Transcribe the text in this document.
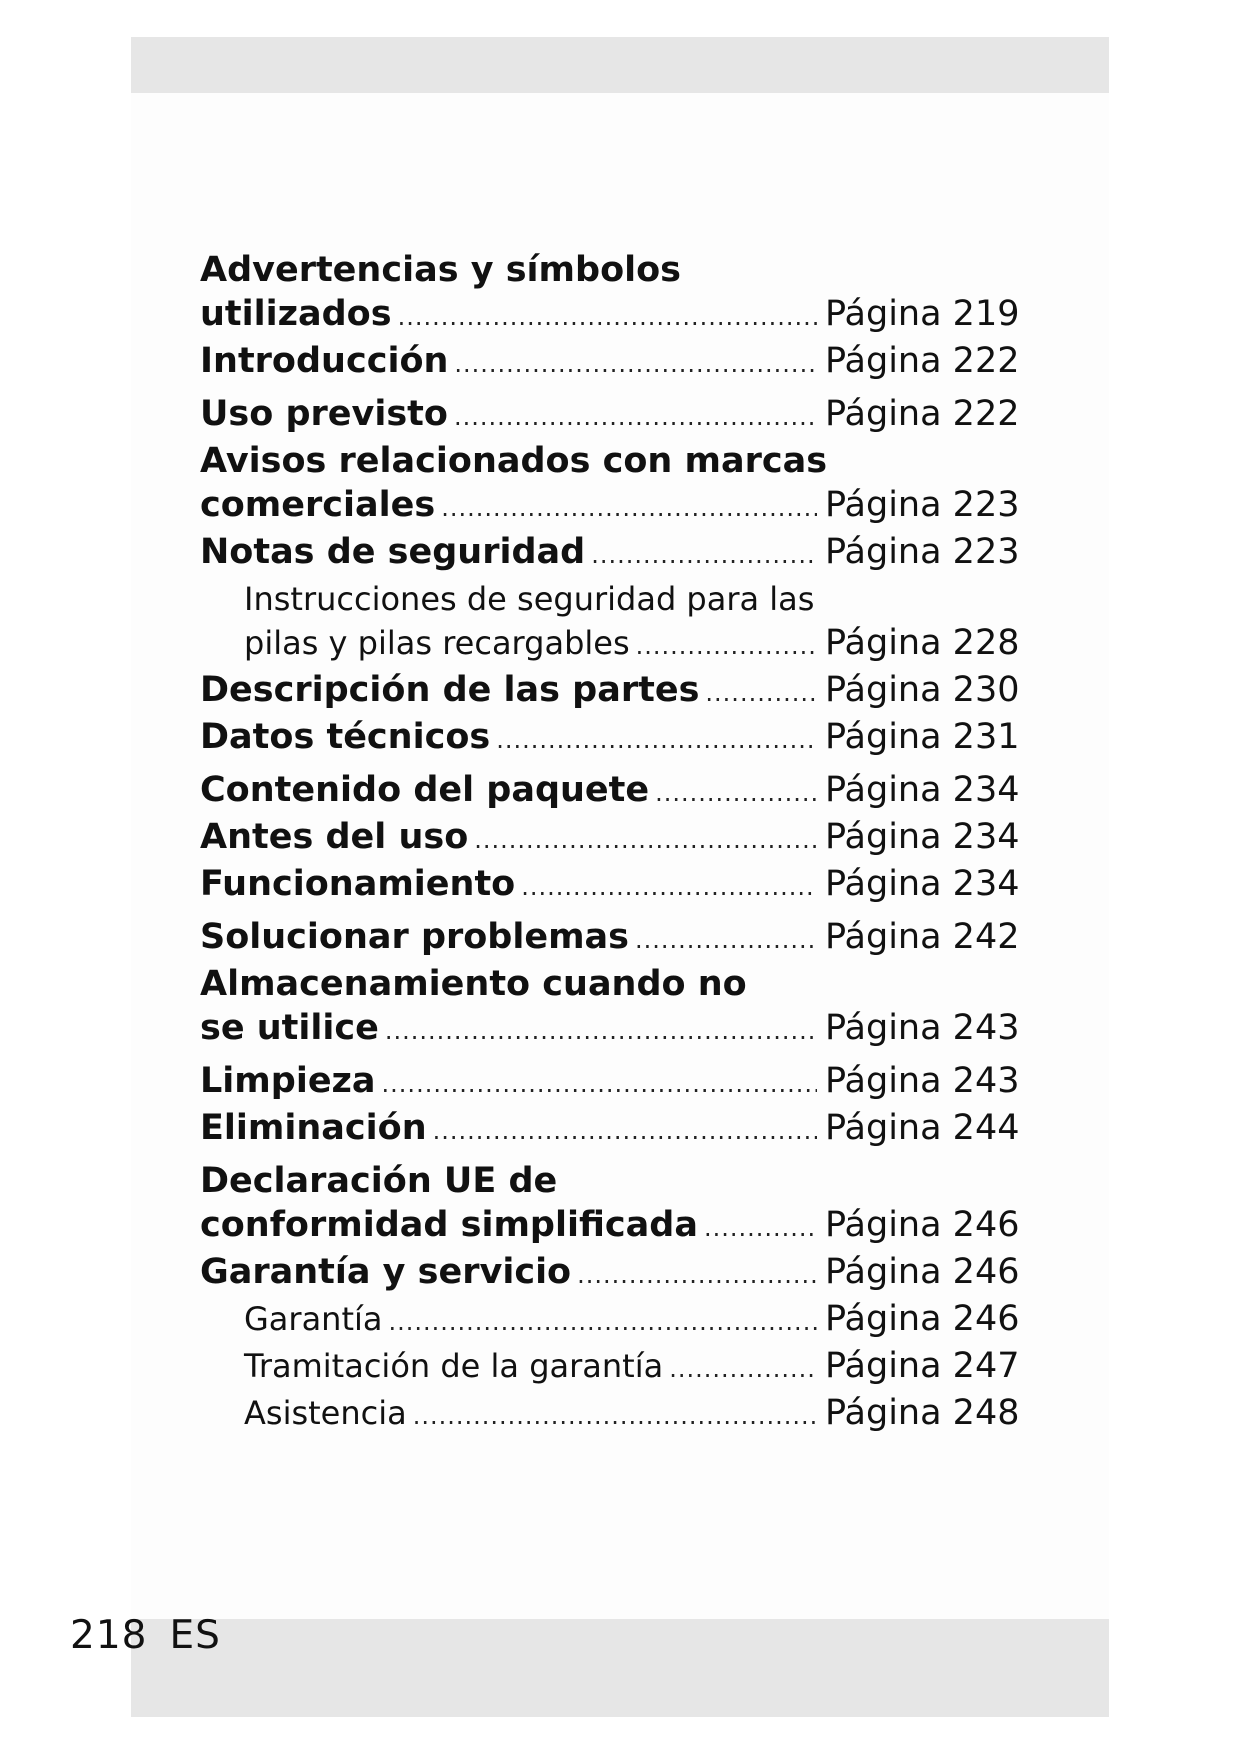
Advertencias y símbolos
utilizados .....	Página 219
Introducción .....	Página 222
Uso previsto .....	Página 222
Avisos relacionados con marcas
comerciales .....	Página 223
Notas de seguridad .....	Página 223
Instrucciones de seguridad para las
pilas y pilas recargables .....	Página 228
Descripción de las partes .....	Página 230
Datos técnicos .....	Página 231
Contenido del paquete .....	Página 234
Antes del uso .....	Página 234
Funcionamiento .....	Página 234
Solucionar problemas .....	Página 242
Almacenamiento cuando no
se utilice .....	Página 243
Limpieza .....	Página 243
Eliminación .....	Página 244
Declaración UE de
conformidad simplificada .....	Página 246
Garantía y servicio .....	Página 246
Garantía .....	Página 246
Tramitación de la garantía .....	Página 247
Asistencia .....	Página 248
218 ES
